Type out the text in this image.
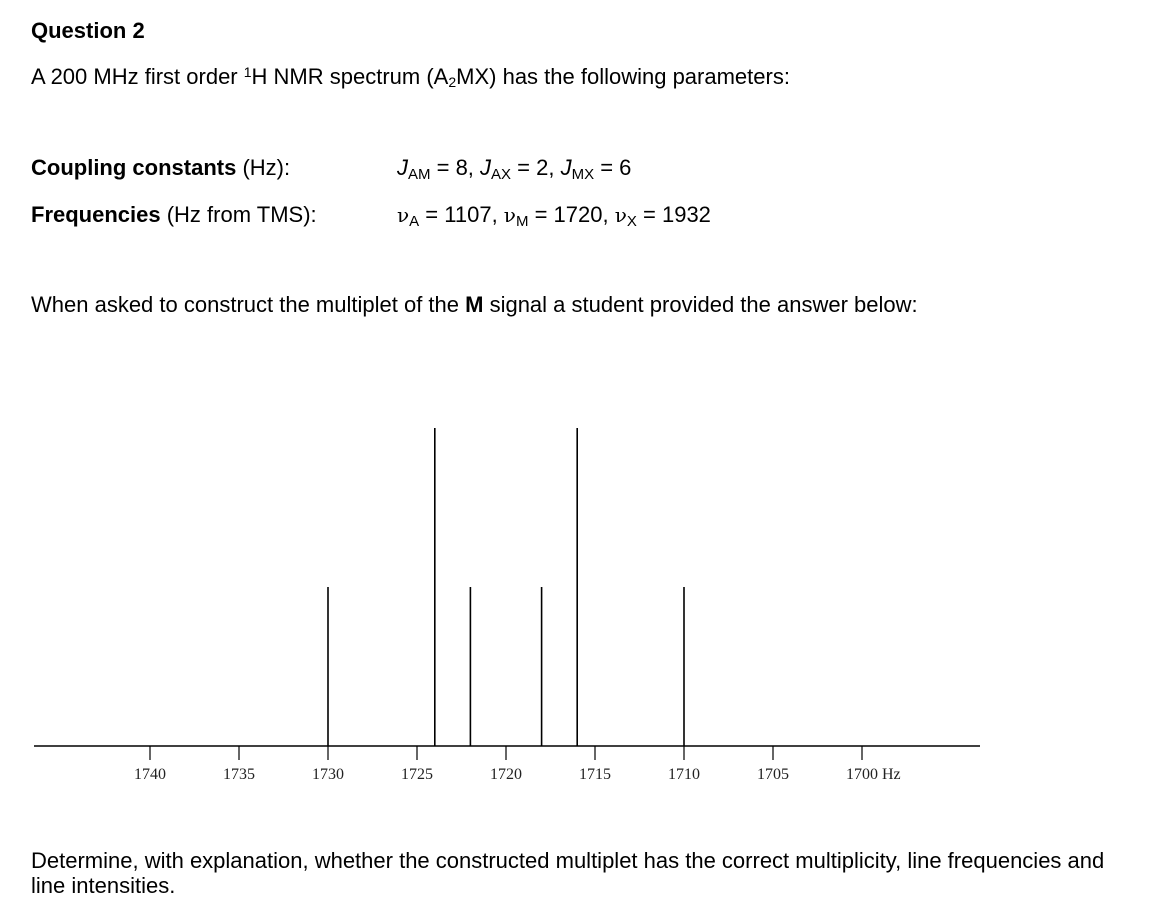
Question 2
A 200 MHz first order $^1$H NMR spectrum $(A_2MX)$ has the following parameters:
Coupling constants (Hz):	$J_{AM} = 8$, $J_{AX} = 2$, $J_{MX} = 6$
Frequencies (Hz from TMS):	$\nu_A = 1107$, $\nu_M = 1720$, $\nu_X = 1932$
When asked to construct the multiplet of the M signal a student provided the answer below:
1740	1735	1730	1725	1720	1715	1710	1705	1700 Hz
Determine, with explanation, whether the constructed multiplet has the correct multiplicity, line frequencies and line intensities.
